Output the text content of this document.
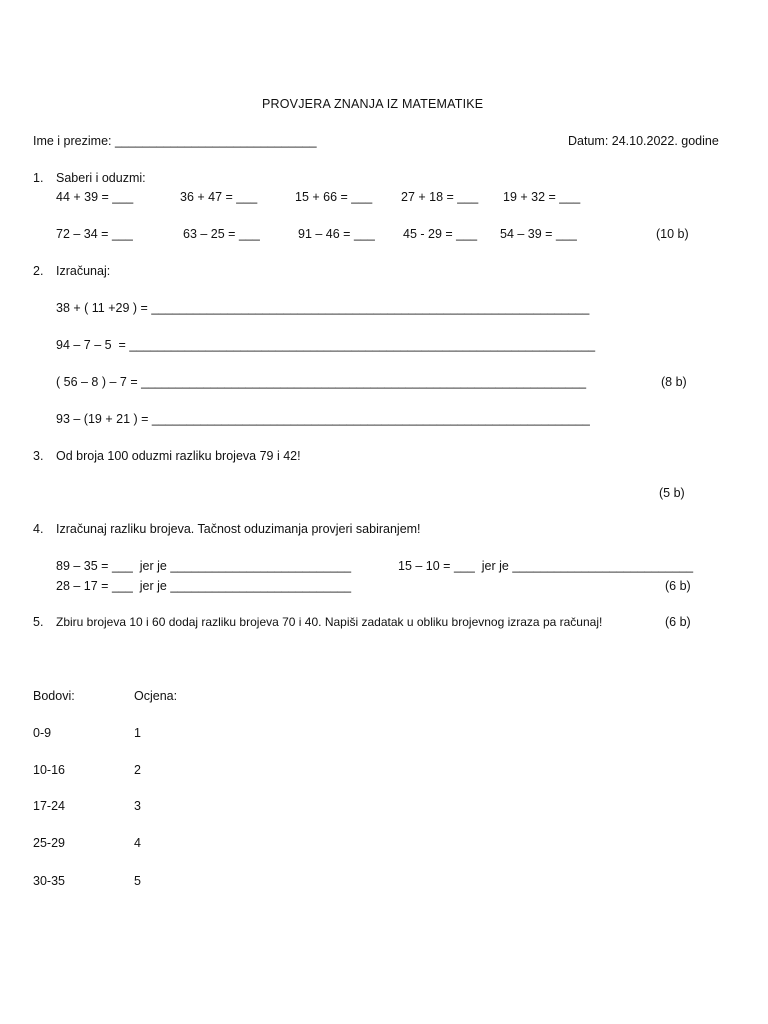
PROVJERA ZNANJA IZ MATEMATIKE
Ime i prezime: _____________________________	Datum: 24.10.2022. godine
1. Saberi i oduzmi:
44 + 39 = ___	36 + 47 = ___	15 + 66 = ___ 27 + 18 = ___ 19 + 32 = ___
72 – 34 = ___	63 – 25 = ___	91 – 46 = ___ 45 - 29 = ___ 54 – 39 = ___	(10 b)
2. Izračunaj:
38 + ( 11 +29 ) = _______________________________________________________________
94 – 7 – 5  = ___________________________________________________________________
( 56 – 8 ) – 7 = ________________________________________________________________	(8 b)
93 – (19 + 21 ) = _______________________________________________________________
3. Od broja 100 oduzmi razliku brojeva 79 i 42!
(5 b)
4. Izračunaj razliku brojeva. Tačnost oduzimanja provjeri sabiranjem!
89 – 35 = ___  jer je __________________________	15 – 10 = ___  jer je __________________________
28 – 17 = ___  jer je __________________________	(6 b)
5. Zbiru brojeva 10 i 60 dodaj razliku brojeva 70 i 40. Napiši zadatak u obliku brojevnog izraza pa računaj!	(6 b)
Bodovi:	Ocjena:
0-9	1
10-16	2
17-24	3
25-29	4
30-35	5
